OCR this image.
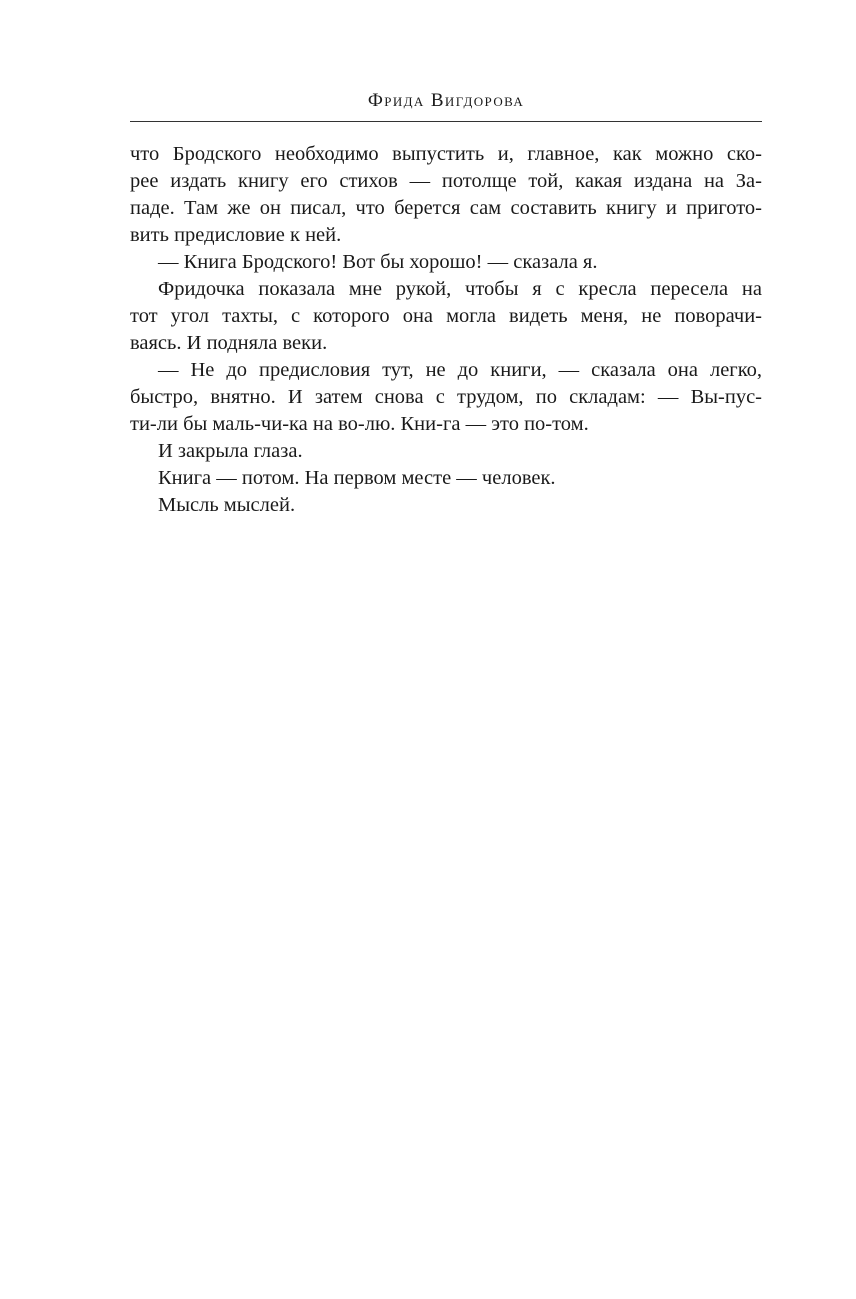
Фрида Вигдорова
что Бродского необходимо выпустить и, главное, как можно ско-
рее издать книгу его стихов — потолще той, какая издана на За-
паде. Там же он писал, что берется сам составить книгу и пригото-
вить предисловие к ней.
— Книга Бродского! Вот бы хорошо! — сказала я.
Фридочка показала мне рукой, чтобы я с кресла пересела на
тот угол тахты, с которого она могла видеть меня, не поворачи-
ваясь. И подняла веки.
— Не до предисловия тут, не до книги, — сказала она легко,
быстро, внятно. И затем снова с трудом, по складам: — Вы-пус-
ти-ли бы маль-чи-ка на во-лю. Кни-га — это по-том.
И закрыла глаза.
Книга — потом. На первом месте — человек.
Мысль мыслей.
